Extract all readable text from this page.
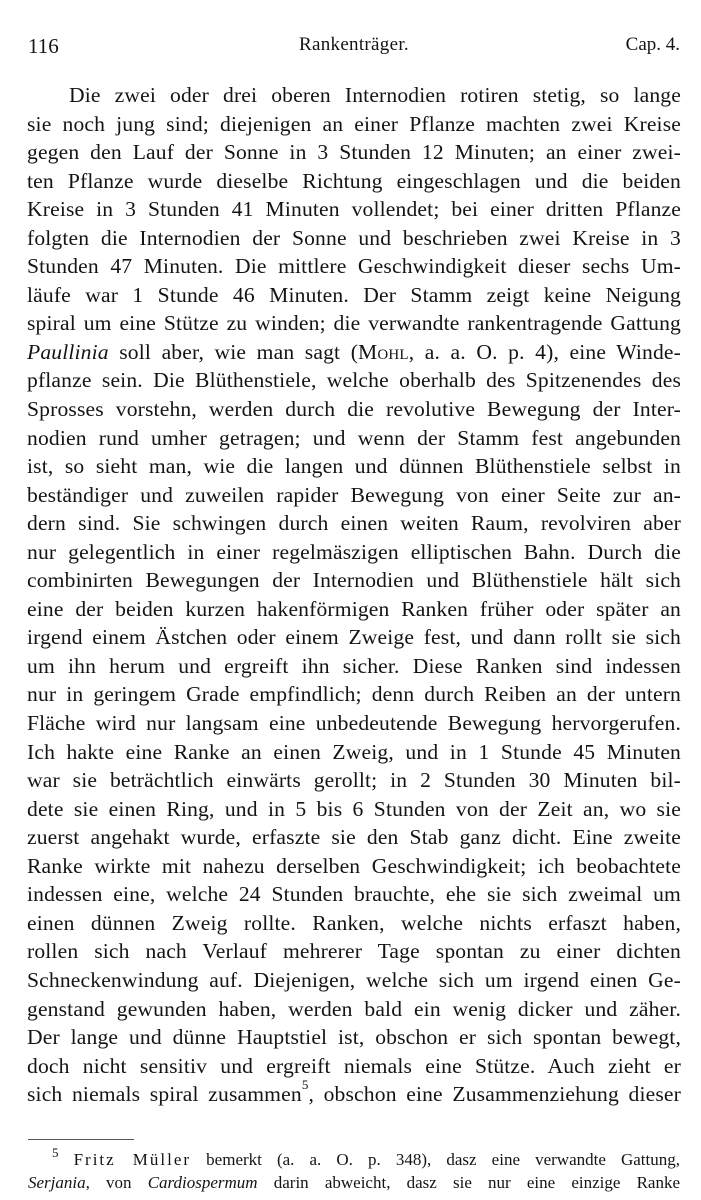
116	Rankenträger.	Cap. 4.
Die zwei oder drei oberen Internodien rotiren stetig, so lange
sie noch jung sind; diejenigen an einer Pflanze machten zwei Kreise
gegen den Lauf der Sonne in 3 Stunden 12 Minuten; an einer zwei-
ten Pflanze wurde dieselbe Richtung eingeschlagen und die beiden
Kreise in 3 Stunden 41 Minuten vollendet; bei einer dritten Pflanze
folgten die Internodien der Sonne und beschrieben zwei Kreise in 3
Stunden 47 Minuten. Die mittlere Geschwindigkeit dieser sechs Um-
läufe war 1 Stunde 46 Minuten. Der Stamm zeigt keine Neigung
spiral um eine Stütze zu winden; die verwandte rankentragende Gattung
Paullinia soll aber, wie man sagt (Mohl, a. a. O. p. 4), eine Winde-
pflanze sein. Die Blüthenstiele, welche oberhalb des Spitzenendes des
Sprosses vorstehn, werden durch die revolutive Bewegung der Inter-
nodien rund umher getragen; und wenn der Stamm fest angebunden
ist, so sieht man, wie die langen und dünnen Blüthenstiele selbst in
beständiger und zuweilen rapider Bewegung von einer Seite zur an-
dern sind. Sie schwingen durch einen weiten Raum, revolviren aber
nur gelegentlich in einer regelmäszigen elliptischen Bahn. Durch die
combinirten Bewegungen der Internodien und Blüthenstiele hält sich
eine der beiden kurzen hakenförmigen Ranken früher oder später an
irgend einem Ästchen oder einem Zweige fest, und dann rollt sie sich
um ihn herum und ergreift ihn sicher. Diese Ranken sind indessen
nur in geringem Grade empfindlich; denn durch Reiben an der untern
Fläche wird nur langsam eine unbedeutende Bewegung hervorgerufen.
Ich hakte eine Ranke an einen Zweig, und in 1 Stunde 45 Minuten
war sie beträchtlich einwärts gerollt; in 2 Stunden 30 Minuten bil-
dete sie einen Ring, und in 5 bis 6 Stunden von der Zeit an, wo sie
zuerst angehakt wurde, erfaszte sie den Stab ganz dicht. Eine zweite
Ranke wirkte mit nahezu derselben Geschwindigkeit; ich beobachtete
indessen eine, welche 24 Stunden brauchte, ehe sie sich zweimal um
einen dünnen Zweig rollte. Ranken, welche nichts erfaszt haben,
rollen sich nach Verlauf mehrerer Tage spontan zu einer dichten
Schneckenwindung auf. Diejenigen, welche sich um irgend einen Ge-
genstand gewunden haben, werden bald ein wenig dicker und zäher.
Der lange und dünne Hauptstiel ist, obschon er sich spontan bewegt,
doch nicht sensitiv und ergreift niemals eine Stütze. Auch zieht er
sich niemals spiral zusammen$^5$, obschon eine Zusammenziehung dieser
$^5$ Fritz Müller bemerkt (a. a. O. p. 348), dasz eine verwandte Gattung,
Serjania, von Cardiospermum darin abweicht, dasz sie nur eine einzige Ranke
